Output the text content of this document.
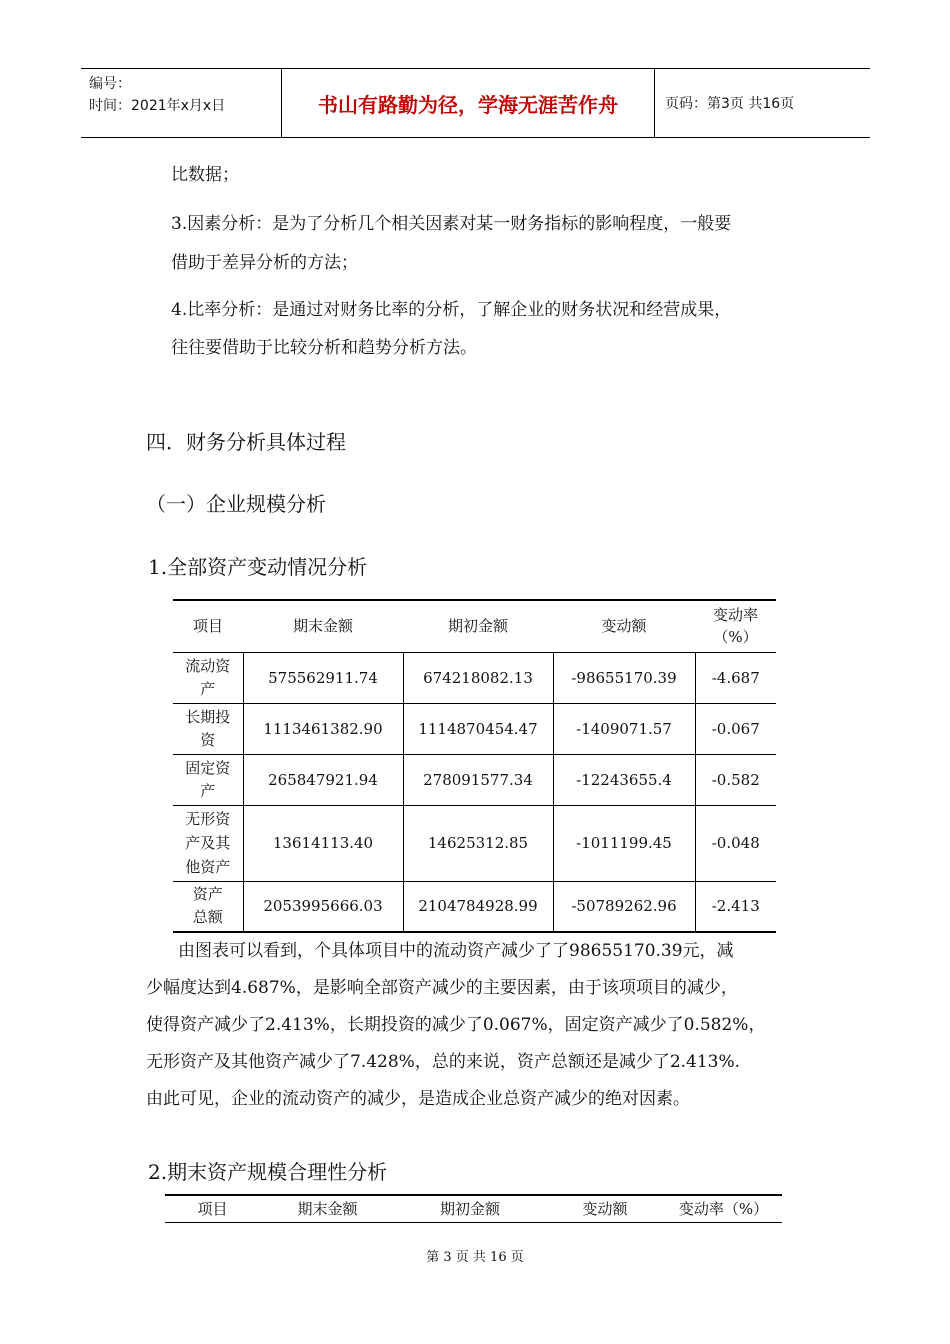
编号：
时间：2021年x月x日	书山有路勤为径，学海无涯苦作舟	页码：第3页 共16页
比数据；
3.因素分析：是为了分析几个相关因素对某一财务指标的影响程度，一般要
借助于差异分析的方法；
4.比率分析：是通过对财务比率的分析，了解企业的财务状况和经营成果，
往往要借助于比较分析和趋势分析方法。
四．财务分析具体过程
（一）企业规模分析
1.全部资产变动情况分析
项目	期末金额	期初金额	变动额	变动率（%）
流动资产	575562911.74	674218082.13	-98655170.39	-4.687
长期投资	1113461382.90	1114870454.47	-1409071.57	-0.067
固定资产	265847921.94	278091577.34	-12243655.4	-0.582
无形资产及其他资产	13614113.40	14625312.85	-1011199.45	-0.048
资产总额	2053995666.03	2104784928.99	-50789262.96	-2.413
由图表可以看到，个具体项目中的流动资产减少了了98655170.39元，减
少幅度达到4.687%，是影响全部资产减少的主要因素，由于该项项目的减少，
使得资产减少了2.413%，长期投资的减少了0.067%，固定资产减少了0.582%，
无形资产及其他资产减少了7.428%，总的来说，资产总额还是减少了2.413%.
由此可见，企业的流动资产的减少，是造成企业总资产减少的绝对因素。
2.期末资产规模合理性分析
项目	期末金额	期初金额	变动额	变动率（%）
第 3 页 共 16 页
